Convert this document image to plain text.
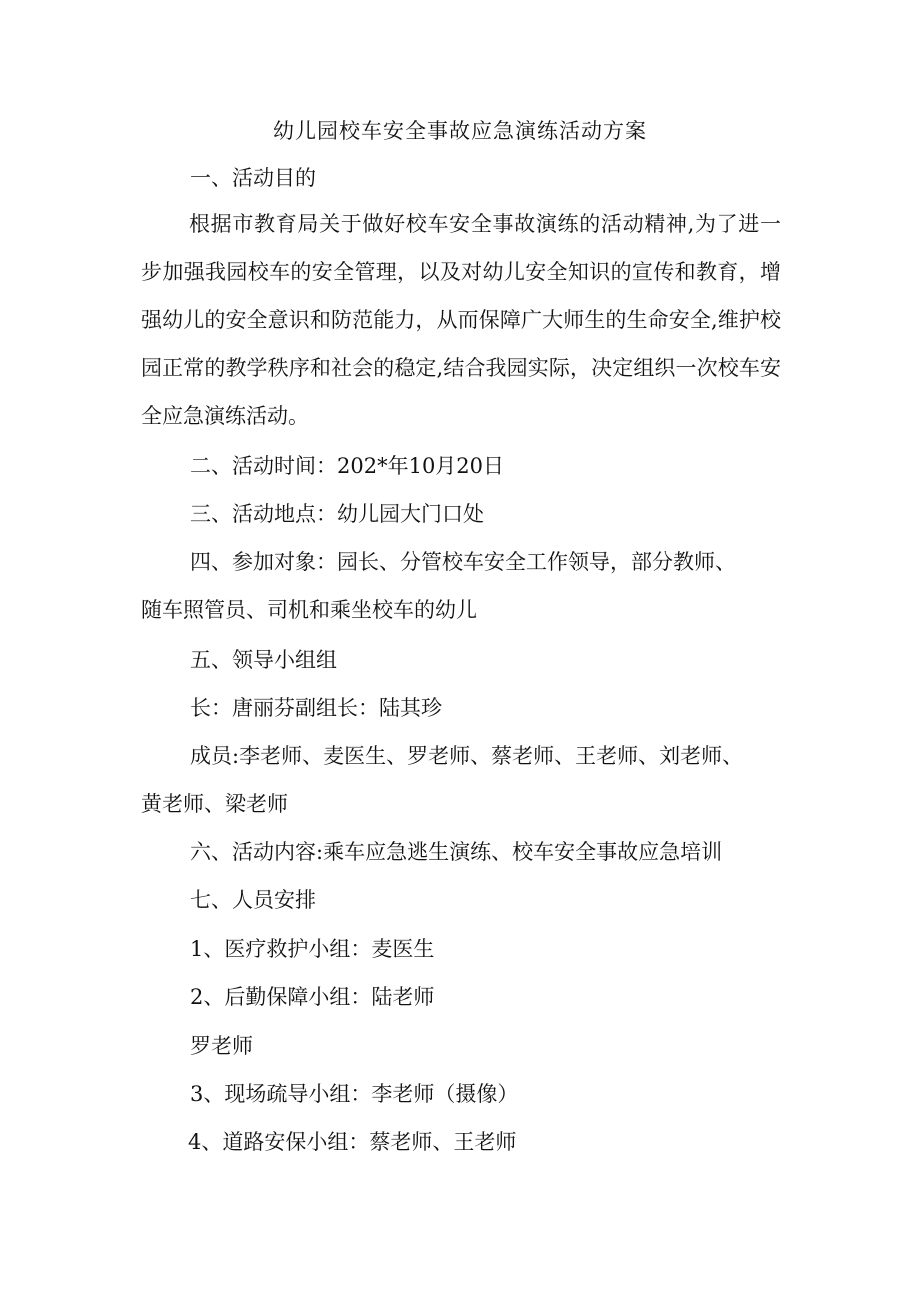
幼儿园校车安全事故应急演练活动方案
一、活动目的
根据市教育局关于做好校车安全事故演练的活动精神,为了进一步加强我园校车的安全管理，以及对幼儿安全知识的宣传和教育，增强幼儿的安全意识和防范能力，从而保障广大师生的生命安全,维护校园正常的教学秩序和社会的稳定,结合我园实际，决定组织一次校车安全应急演练活动。
二、活动时间：202*年10月20日
三、活动地点：幼儿园大门口处
四、参加对象：园长、分管校车安全工作领导，部分教师、
随车照管员、司机和乘坐校车的幼儿
五、领导小组组
长：唐丽芬副组长：陆其珍
成员:李老师、麦医生、罗老师、蔡老师、王老师、刘老师、
黄老师、梁老师
六、活动内容:乘车应急逃生演练、校车安全事故应急培训
七、人员安排
1、医疗救护小组：麦医生
2、后勤保障小组：陆老师
罗老师
3、现场疏导小组：李老师（摄像）
4、道路安保小组：蔡老师、王老师
